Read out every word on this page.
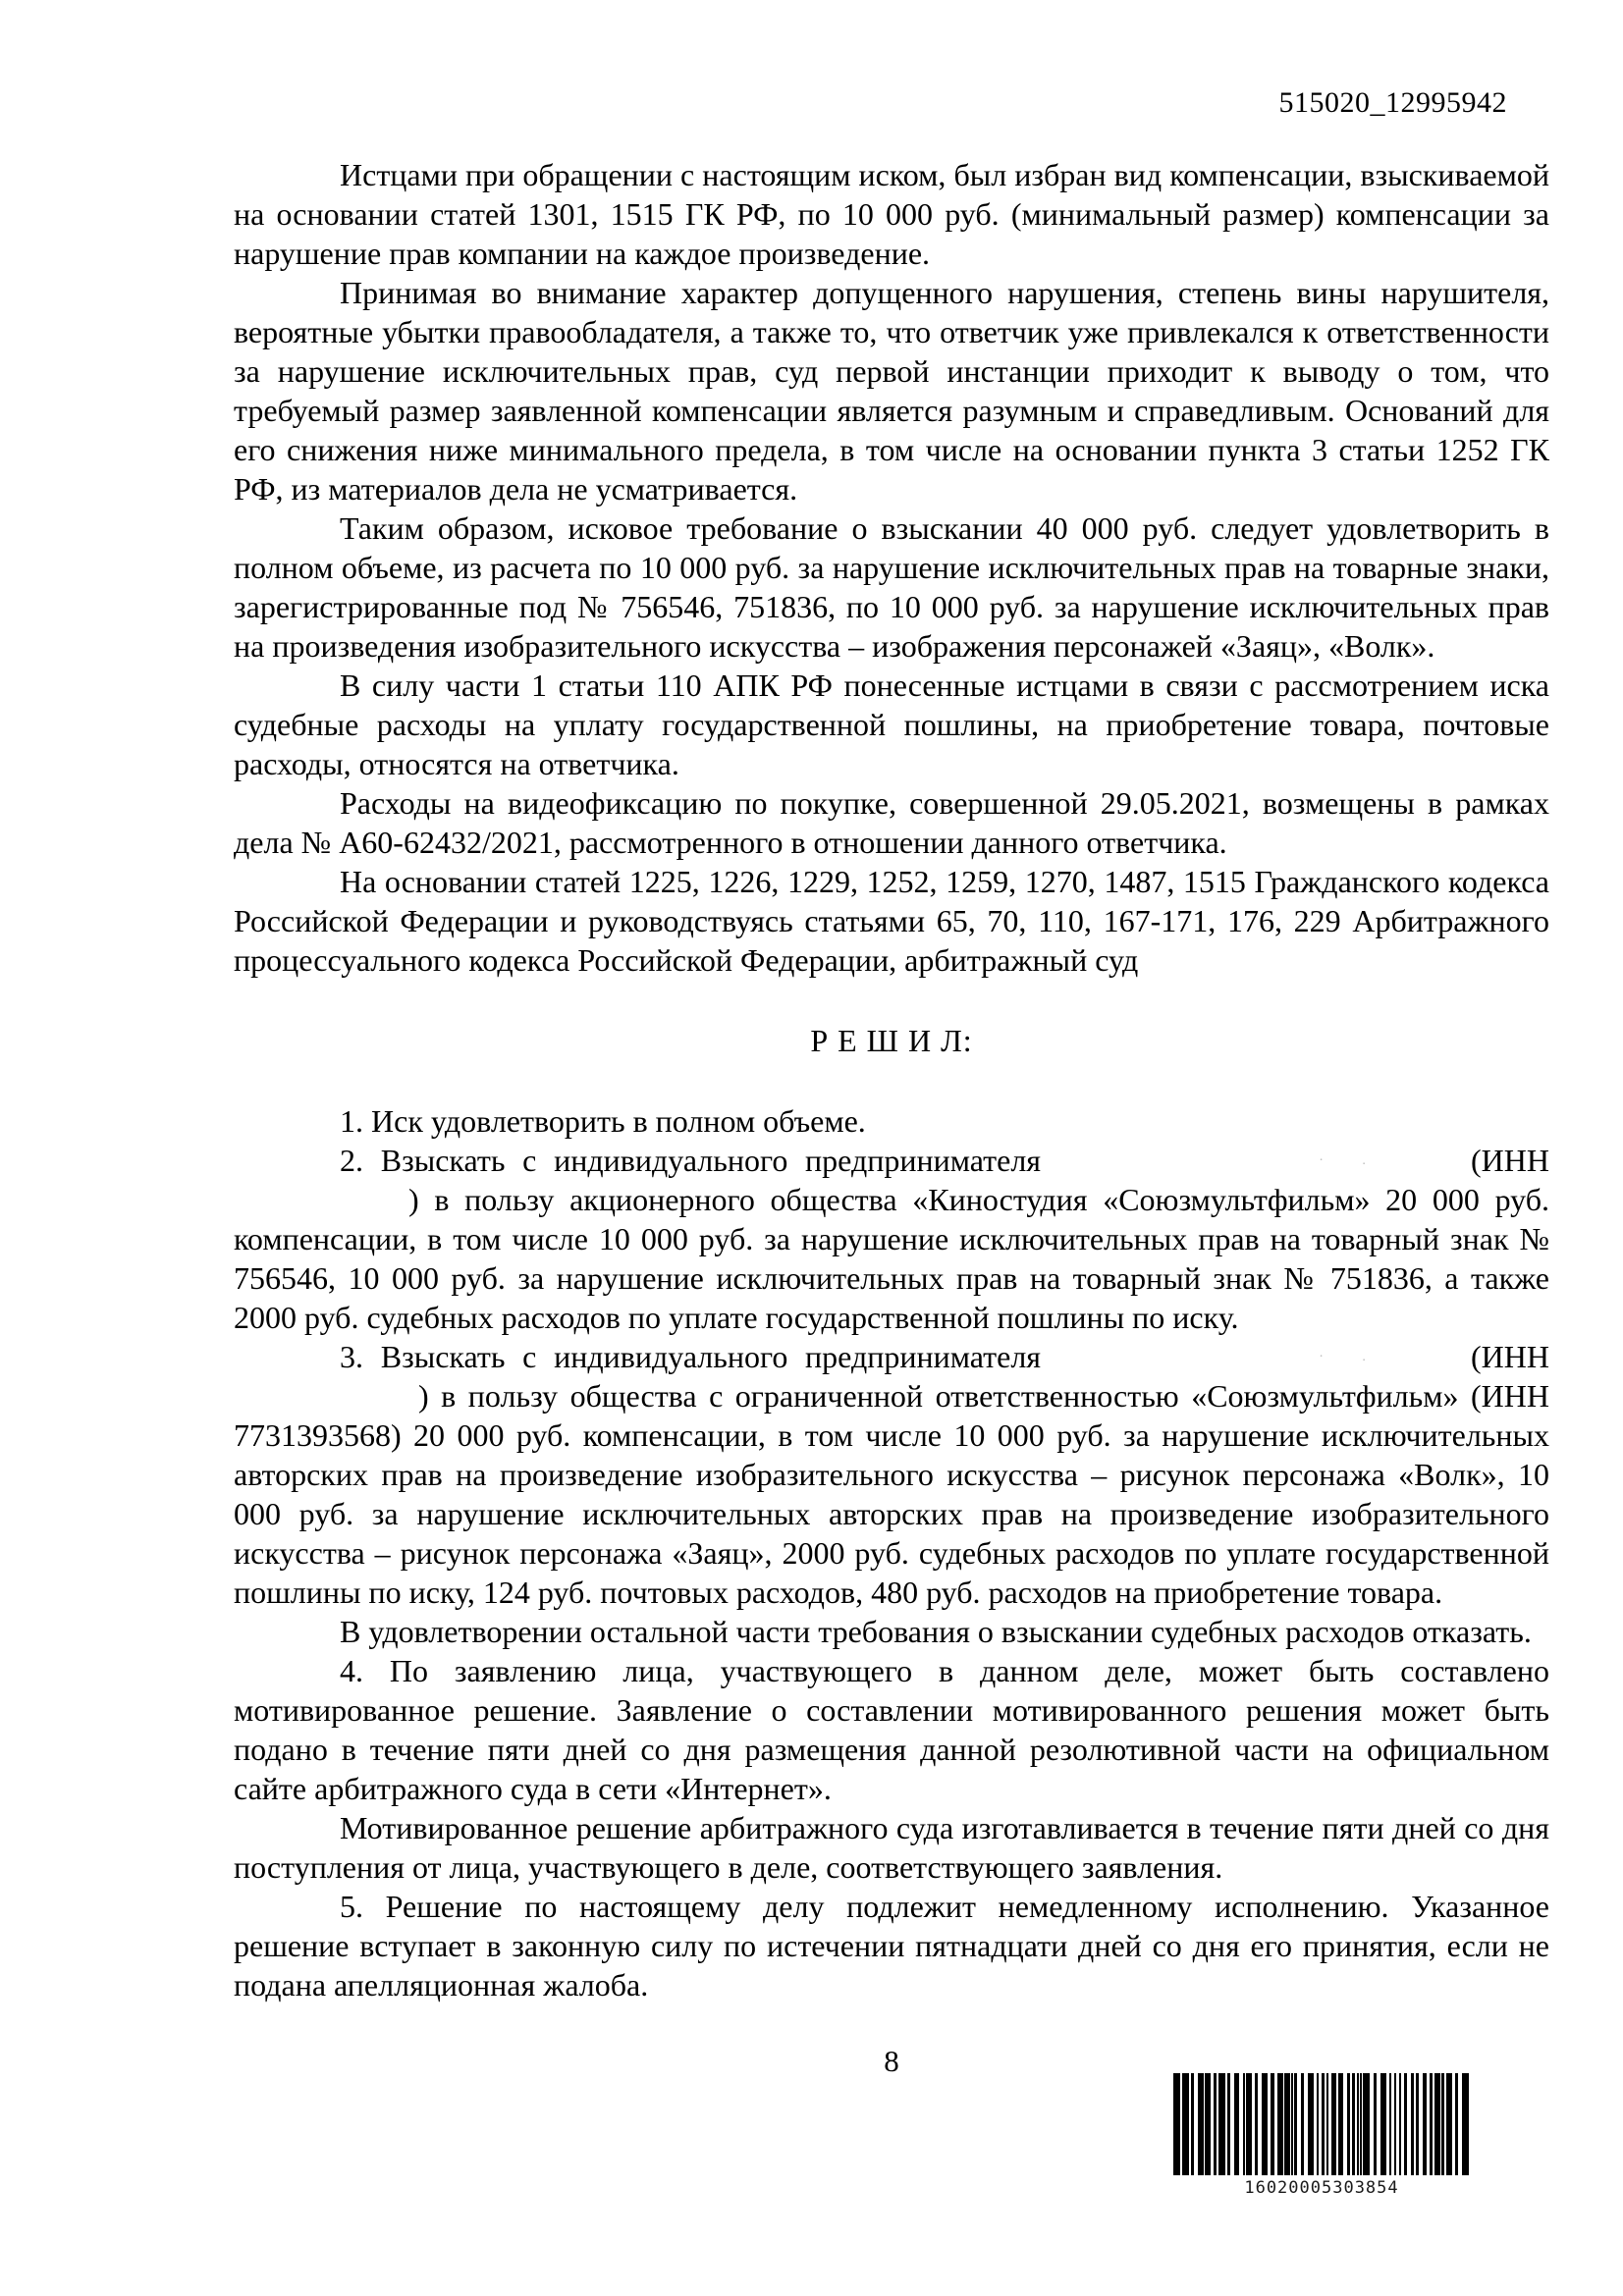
515020_12995942

Истцами при обращении с настоящим иском, был избран вид компенсации, взыскиваемой на основании статей 1301, 1515 ГК РФ, по 10 000 руб. (минимальный размер) компенсации за нарушение прав компании на каждое произведение.

Принимая во внимание характер допущенного нарушения, степень вины нарушителя, вероятные убытки правообладателя, а также то, что ответчик уже привлекался к ответственности за нарушение исключительных прав, суд первой инстанции приходит к выводу о том, что требуемый размер заявленной компенсации является разумным и справедливым. Оснований для его снижения ниже минимального предела, в том числе на основании пункта 3 статьи 1252 ГК РФ, из материалов дела не усматривается.

Таким образом, исковое требование о взыскании 40 000 руб. следует удовлетворить в полном объеме, из расчета по 10 000 руб. за нарушение исключительных прав на товарные знаки, зарегистрированные под № 756546, 751836, по 10 000 руб. за нарушение исключительных прав на произведения изобразительного искусства – изображения персонажей «Заяц», «Волк».

В силу части 1 статьи 110 АПК РФ понесенные истцами в связи с рассмотрением иска судебные расходы на уплату государственной пошлины, на приобретение товара, почтовые расходы, относятся на ответчика.

Расходы на видеофиксацию по покупке, совершенной 29.05.2021, возмещены в рамках дела № А60-62432/2021, рассмотренного в отношении данного ответчика.

На основании статей 1225, 1226, 1229, 1252, 1259, 1270, 1487, 1515 Гражданского кодекса Российской Федерации и руководствуясь статьями 65, 70, 110, 167-171, 176, 229 Арбитражного процессуального кодекса Российской Федерации, арбитражный суд

Р Е Ш И Л:

1. Иск удовлетворить в полном объеме.

2. Взыскать с индивидуального предпринимателя · .	(ИНН) в пользу акционерного общества «Киностудия «Союзмультфильм» 20 000 руб. компенсации, в том числе 10 000 руб. за нарушение исключительных прав на товарный знак № 756546, 10 000 руб. за нарушение исключительных прав на товарный знак № 751836, а также 2000 руб. судебных расходов по уплате государственной пошлины по иску.

3. Взыскать с индивидуального предпринимателя · .	(ИНН) в пользу общества с ограниченной ответственностью «Союзмультфильм» (ИНН 7731393568) 20 000 руб. компенсации, в том числе 10 000 руб. за нарушение исключительных авторских прав на произведение изобразительного искусства – рисунок персонажа «Волк», 10 000 руб. за нарушение исключительных авторских прав на произведение изобразительного искусства – рисунок персонажа «Заяц», 2000 руб. судебных расходов по уплате государственной пошлины по иску, 124 руб. почтовых расходов, 480 руб. расходов на приобретение товара.

В удовлетворении остальной части требования о взыскании судебных расходов отказать.

4. По заявлению лица, участвующего в данном деле, может быть составлено мотивированное решение. Заявление о составлении мотивированного решения может быть подано в течение пяти дней со дня размещения данной резолютивной части на официальном сайте арбитражного суда в сети «Интернет».

Мотивированное решение арбитражного суда изготавливается в течение пяти дней со дня поступления от лица, участвующего в деле, соответствующего заявления.

5. Решение по настоящему делу подлежит немедленному исполнению. Указанное решение вступает в законную силу по истечении пятнадцати дней со дня его принятия, если не подана апелляционная жалоба.

8
16020005303854
